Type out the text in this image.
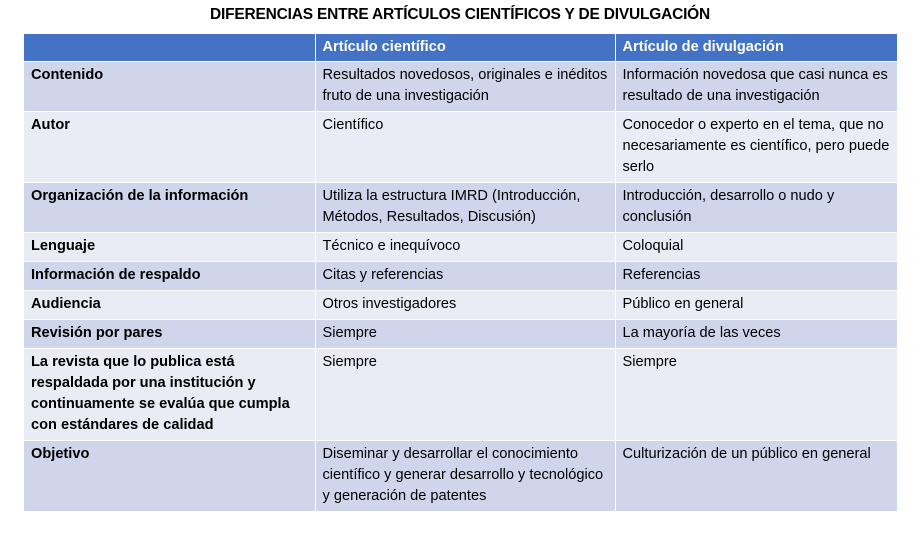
DIFERENCIAS ENTRE ARTÍCULOS CIENTÍFICOS Y DE DIVULGACIÓN
	Artículo científico	Artículo de divulgación
Contenido	Resultados novedosos, originales e inéditos fruto de una investigación	Información novedosa que casi nunca es resultado de una investigación
Autor	Científico	Conocedor o experto en el tema, que no necesariamente es científico, pero puede serlo
Organización de la información	Utiliza la estructura IMRD (Introducción, Métodos, Resultados, Discusión)	Introducción, desarrollo o nudo y conclusión
Lenguaje	Técnico e inequívoco	Coloquial
Información de respaldo	Citas y referencias	Referencias
Audiencia	Otros investigadores	Público en general
Revisión por pares	Siempre	La mayoría de las veces
La revista que lo publica está respaldada por una institución y continuamente se evalúa que cumpla con estándares de calidad	Siempre	Siempre
Objetivo	Diseminar y desarrollar el conocimiento científico y generar desarrollo y tecnológico y generación de patentes	Culturización de un público en general
